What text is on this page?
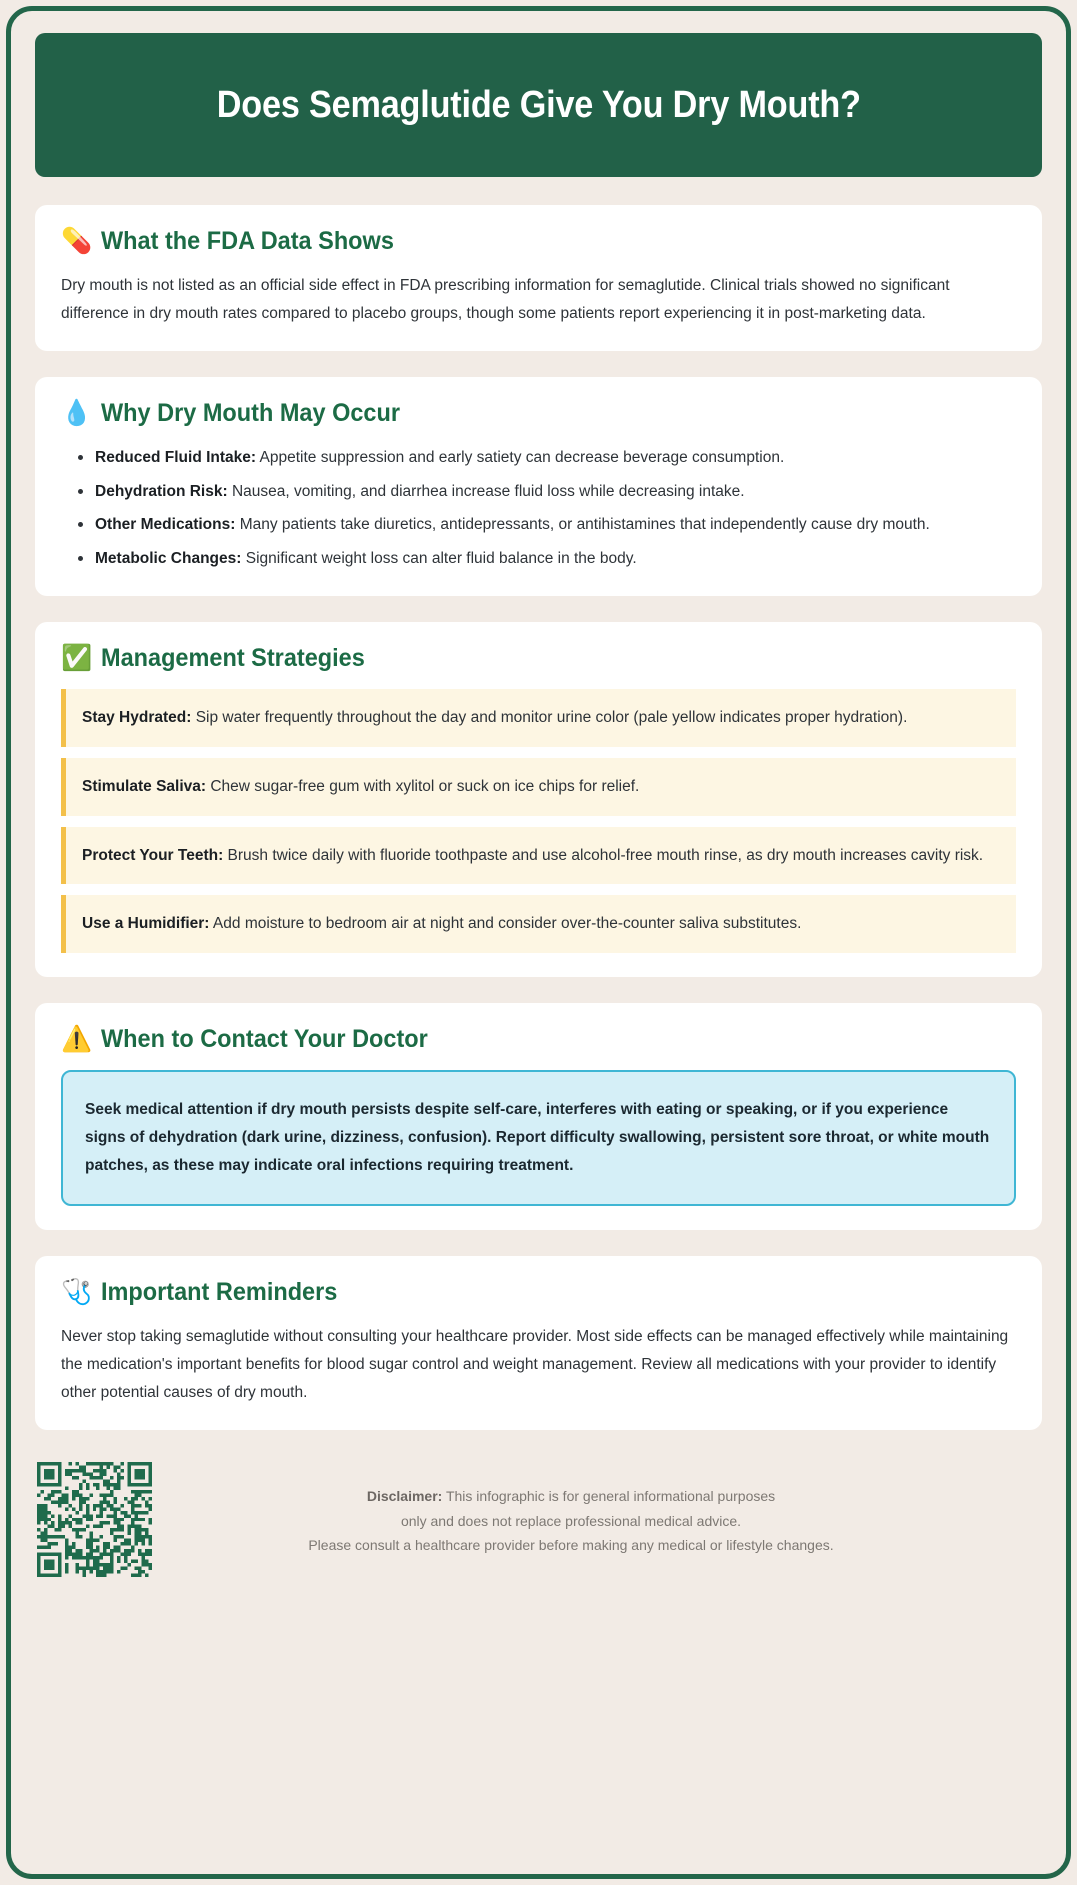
Does Semaglutide Give You Dry Mouth?
💊 What the FDA Data Shows

Dry mouth is not listed as an official side effect in FDA prescribing information for semaglutide. Clinical trials showed no significant difference in dry mouth rates compared to placebo groups, though some patients report experiencing it in post-marketing data.

💧 Why Dry Mouth May Occur
Reduced Fluid Intake: Appetite suppression and early satiety can decrease beverage consumption.
Dehydration Risk: Nausea, vomiting, and diarrhea increase fluid loss while decreasing intake.
Other Medications: Many patients take diuretics, antidepressants, or antihistamines that independently cause dry mouth.
Metabolic Changes: Significant weight loss can alter fluid balance in the body.
✅ Management Strategies
Stay Hydrated: Sip water frequently throughout the day and monitor urine color (pale yellow indicates proper hydration).
Stimulate Saliva: Chew sugar-free gum with xylitol or suck on ice chips for relief.
Protect Your Teeth: Brush twice daily with fluoride toothpaste and use alcohol-free mouth rinse, as dry mouth increases cavity risk.
Use a Humidifier: Add moisture to bedroom air at night and consider over-the-counter saliva substitutes.
⚠️ When to Contact Your Doctor
Seek medical attention if dry mouth persists despite self-care, interferes with eating or speaking, or if you experience signs of dehydration (dark urine, dizziness, confusion). Report difficulty swallowing, persistent sore throat, or white mouth patches, as these may indicate oral infections requiring treatment.
🩺 Important Reminders

Never stop taking semaglutide without consulting your healthcare provider. Most side effects can be managed effectively while maintaining the medication's important benefits for blood sugar control and weight management. Review all medications with your provider to identify other potential causes of dry mouth.

Disclaimer: This infographic is for general informational purposes
only and does not replace professional medical advice.
Please consult a healthcare provider before making any medical or lifestyle changes.
